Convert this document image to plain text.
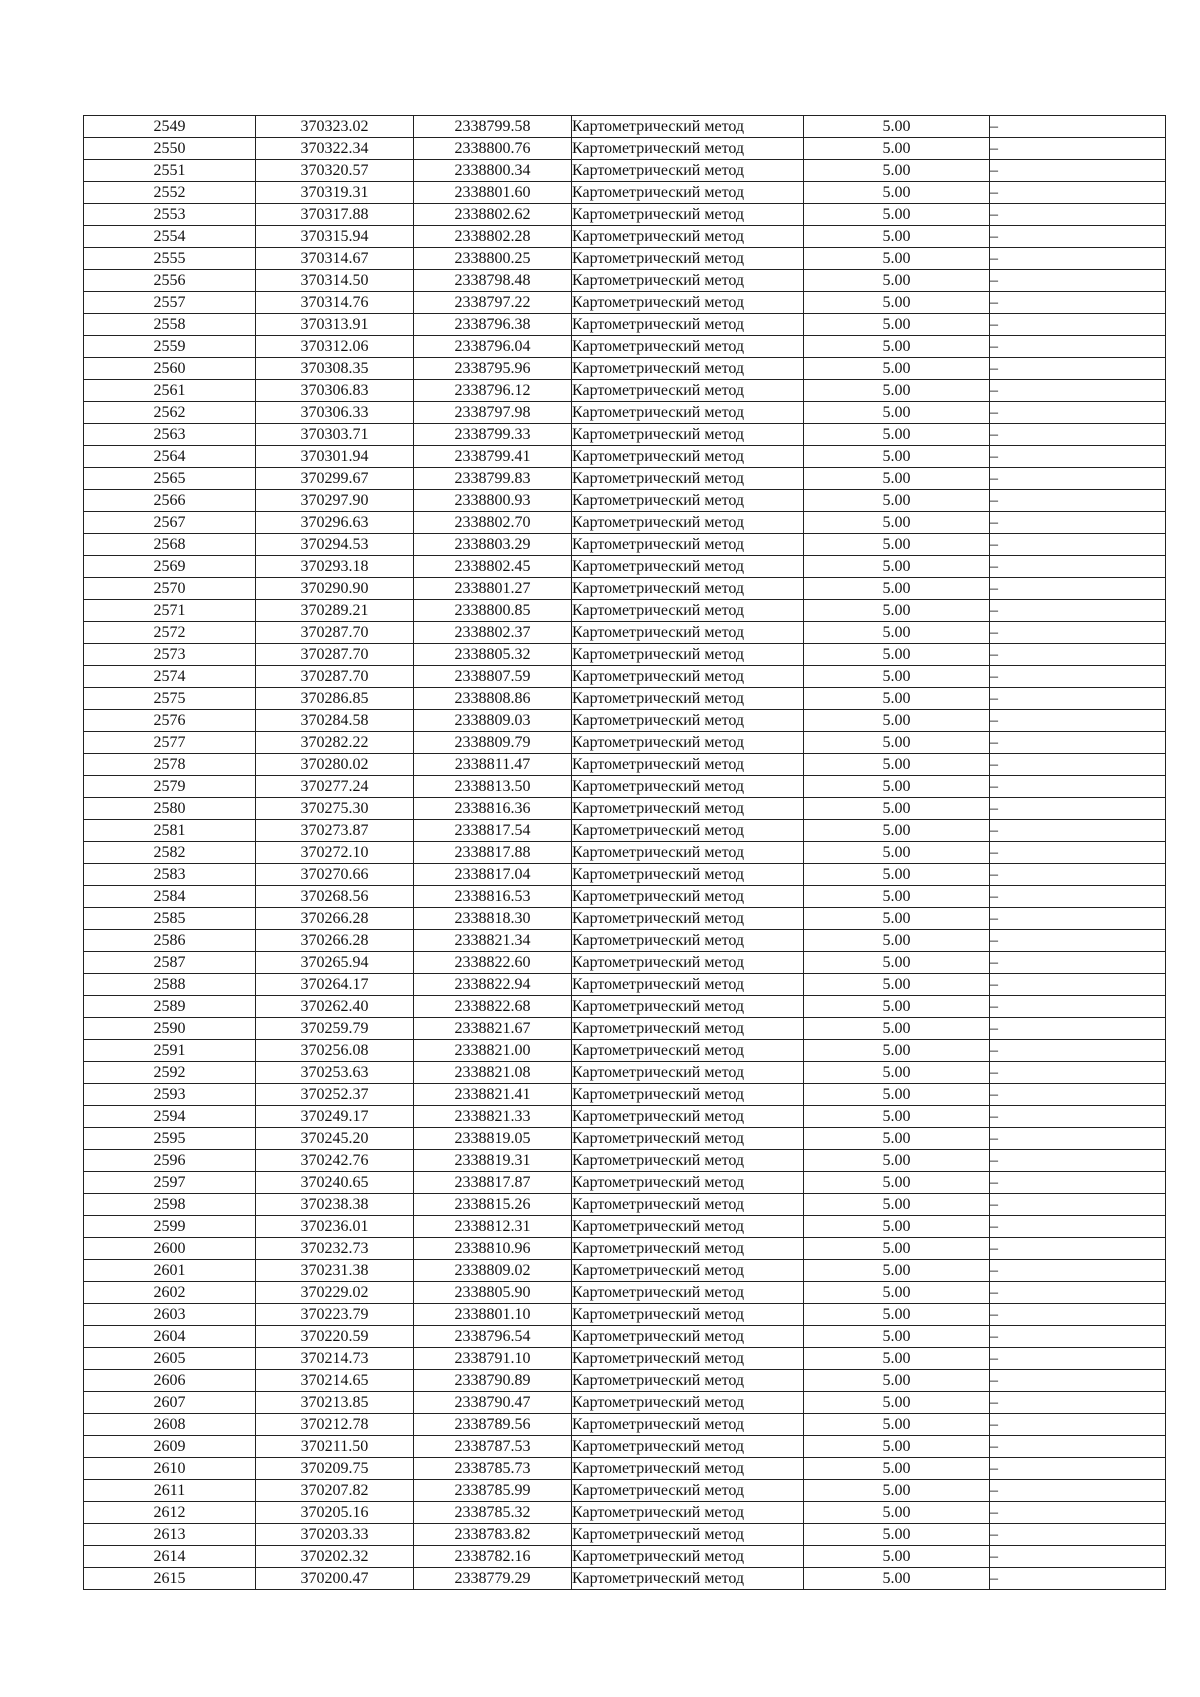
2549	370323.02	2338799.58	Картометрический метод	5.00	–
2550	370322.34	2338800.76	Картометрический метод	5.00	–
2551	370320.57	2338800.34	Картометрический метод	5.00	–
2552	370319.31	2338801.60	Картометрический метод	5.00	–
2553	370317.88	2338802.62	Картометрический метод	5.00	–
2554	370315.94	2338802.28	Картометрический метод	5.00	–
2555	370314.67	2338800.25	Картометрический метод	5.00	–
2556	370314.50	2338798.48	Картометрический метод	5.00	–
2557	370314.76	2338797.22	Картометрический метод	5.00	–
2558	370313.91	2338796.38	Картометрический метод	5.00	–
2559	370312.06	2338796.04	Картометрический метод	5.00	–
2560	370308.35	2338795.96	Картометрический метод	5.00	–
2561	370306.83	2338796.12	Картометрический метод	5.00	–
2562	370306.33	2338797.98	Картометрический метод	5.00	–
2563	370303.71	2338799.33	Картометрический метод	5.00	–
2564	370301.94	2338799.41	Картометрический метод	5.00	–
2565	370299.67	2338799.83	Картометрический метод	5.00	–
2566	370297.90	2338800.93	Картометрический метод	5.00	–
2567	370296.63	2338802.70	Картометрический метод	5.00	–
2568	370294.53	2338803.29	Картометрический метод	5.00	–
2569	370293.18	2338802.45	Картометрический метод	5.00	–
2570	370290.90	2338801.27	Картометрический метод	5.00	–
2571	370289.21	2338800.85	Картометрический метод	5.00	–
2572	370287.70	2338802.37	Картометрический метод	5.00	–
2573	370287.70	2338805.32	Картометрический метод	5.00	–
2574	370287.70	2338807.59	Картометрический метод	5.00	–
2575	370286.85	2338808.86	Картометрический метод	5.00	–
2576	370284.58	2338809.03	Картометрический метод	5.00	–
2577	370282.22	2338809.79	Картометрический метод	5.00	–
2578	370280.02	2338811.47	Картометрический метод	5.00	–
2579	370277.24	2338813.50	Картометрический метод	5.00	–
2580	370275.30	2338816.36	Картометрический метод	5.00	–
2581	370273.87	2338817.54	Картометрический метод	5.00	–
2582	370272.10	2338817.88	Картометрический метод	5.00	–
2583	370270.66	2338817.04	Картометрический метод	5.00	–
2584	370268.56	2338816.53	Картометрический метод	5.00	–
2585	370266.28	2338818.30	Картометрический метод	5.00	–
2586	370266.28	2338821.34	Картометрический метод	5.00	–
2587	370265.94	2338822.60	Картометрический метод	5.00	–
2588	370264.17	2338822.94	Картометрический метод	5.00	–
2589	370262.40	2338822.68	Картометрический метод	5.00	–
2590	370259.79	2338821.67	Картометрический метод	5.00	–
2591	370256.08	2338821.00	Картометрический метод	5.00	–
2592	370253.63	2338821.08	Картометрический метод	5.00	–
2593	370252.37	2338821.41	Картометрический метод	5.00	–
2594	370249.17	2338821.33	Картометрический метод	5.00	–
2595	370245.20	2338819.05	Картометрический метод	5.00	–
2596	370242.76	2338819.31	Картометрический метод	5.00	–
2597	370240.65	2338817.87	Картометрический метод	5.00	–
2598	370238.38	2338815.26	Картометрический метод	5.00	–
2599	370236.01	2338812.31	Картометрический метод	5.00	–
2600	370232.73	2338810.96	Картометрический метод	5.00	–
2601	370231.38	2338809.02	Картометрический метод	5.00	–
2602	370229.02	2338805.90	Картометрический метод	5.00	–
2603	370223.79	2338801.10	Картометрический метод	5.00	–
2604	370220.59	2338796.54	Картометрический метод	5.00	–
2605	370214.73	2338791.10	Картометрический метод	5.00	–
2606	370214.65	2338790.89	Картометрический метод	5.00	–
2607	370213.85	2338790.47	Картометрический метод	5.00	–
2608	370212.78	2338789.56	Картометрический метод	5.00	–
2609	370211.50	2338787.53	Картометрический метод	5.00	–
2610	370209.75	2338785.73	Картометрический метод	5.00	–
2611	370207.82	2338785.99	Картометрический метод	5.00	–
2612	370205.16	2338785.32	Картометрический метод	5.00	–
2613	370203.33	2338783.82	Картометрический метод	5.00	–
2614	370202.32	2338782.16	Картометрический метод	5.00	–
2615	370200.47	2338779.29	Картометрический метод	5.00	–
